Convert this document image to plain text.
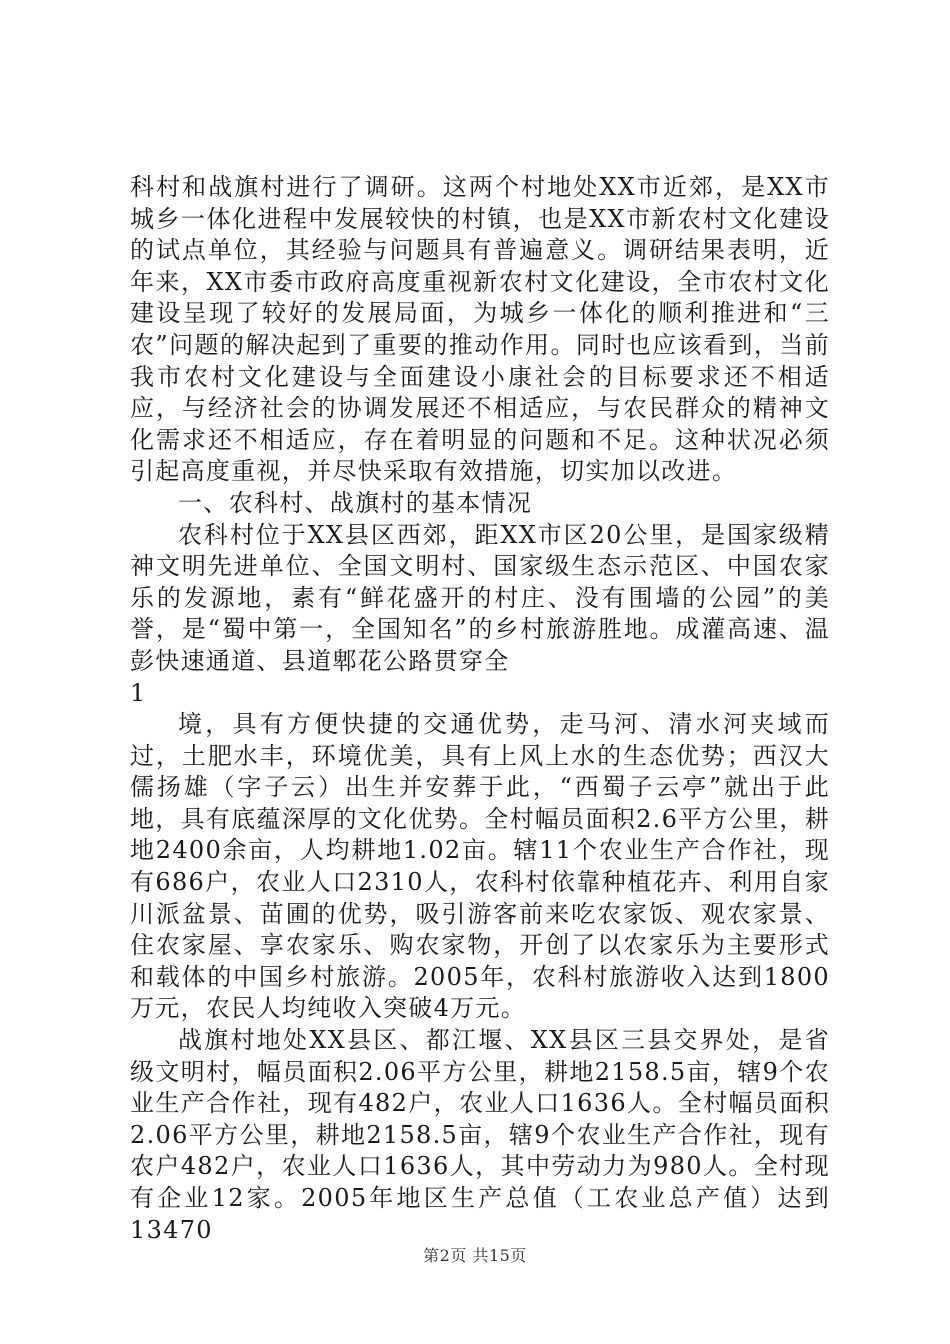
科村和战旗村进行了调研。这两个村地处XX市近郊，是XX市城乡一体化进程中发展较快的村镇，也是XX市新农村文化建设的试点单位，其经验与问题具有普遍意义。调研结果表明，近年来，XX市委市政府高度重视新农村文化建设，全市农村文化建设呈现了较好的发展局面，为城乡一体化的顺利推进和“三农”问题的解决起到了重要的推动作用。同时也应该看到，当前我市农村文化建设与全面建设小康社会的目标要求还不相适应，与经济社会的协调发展还不相适应，与农民群众的精神文化需求还不相适应，存在着明显的问题和不足。这种状况必须引起高度重视，并尽快采取有效措施，切实加以改进。

一、农科村、战旗村的基本情况

农科村位于XX县区西郊，距XX市区20公里，是国家级精神文明先进单位、全国文明村、国家级生态示范区、中国农家乐的发源地，素有“鲜花盛开的村庄、没有围墙的公园”的美誉，是“蜀中第一，全国知名”的乡村旅游胜地。成灌高速、温彭快速通道、县道郫花公路贯穿全

1

境，具有方便快捷的交通优势，走马河、清水河夹域而过，土肥水丰，环境优美，具有上风上水的生态优势；西汉大儒扬雄（字子云）出生并安葬于此，“西蜀子云亭”就出于此地，具有底蕴深厚的文化优势。全村幅员面积2.6平方公里，耕地2400余亩，人均耕地1.02亩。辖11个农业生产合作社，现有686户，农业人口2310人，农科村依靠种植花卉、利用自家川派盆景、苗圃的优势，吸引游客前来吃农家饭、观农家景、住农家屋、享农家乐、购农家物，开创了以农家乐为主要形式和载体的中国乡村旅游。2005年，农科村旅游收入达到1800万元，农民人均纯收入突破4万元。

战旗村地处XX县区、都江堰、XX县区三县交界处，是省级文明村，幅员面积2.06平方公里，耕地2158.5亩，辖9个农业生产合作社，现有482户，农业人口1636人。全村幅员面积2.06平方公里，耕地2158.5亩，辖9个农业生产合作社，现有农户482户，农业人口1636人，其中劳动力为980人。全村现有企业12家。2005年地区生产总值（工农业总产值）达到13470

第2页 共15页
